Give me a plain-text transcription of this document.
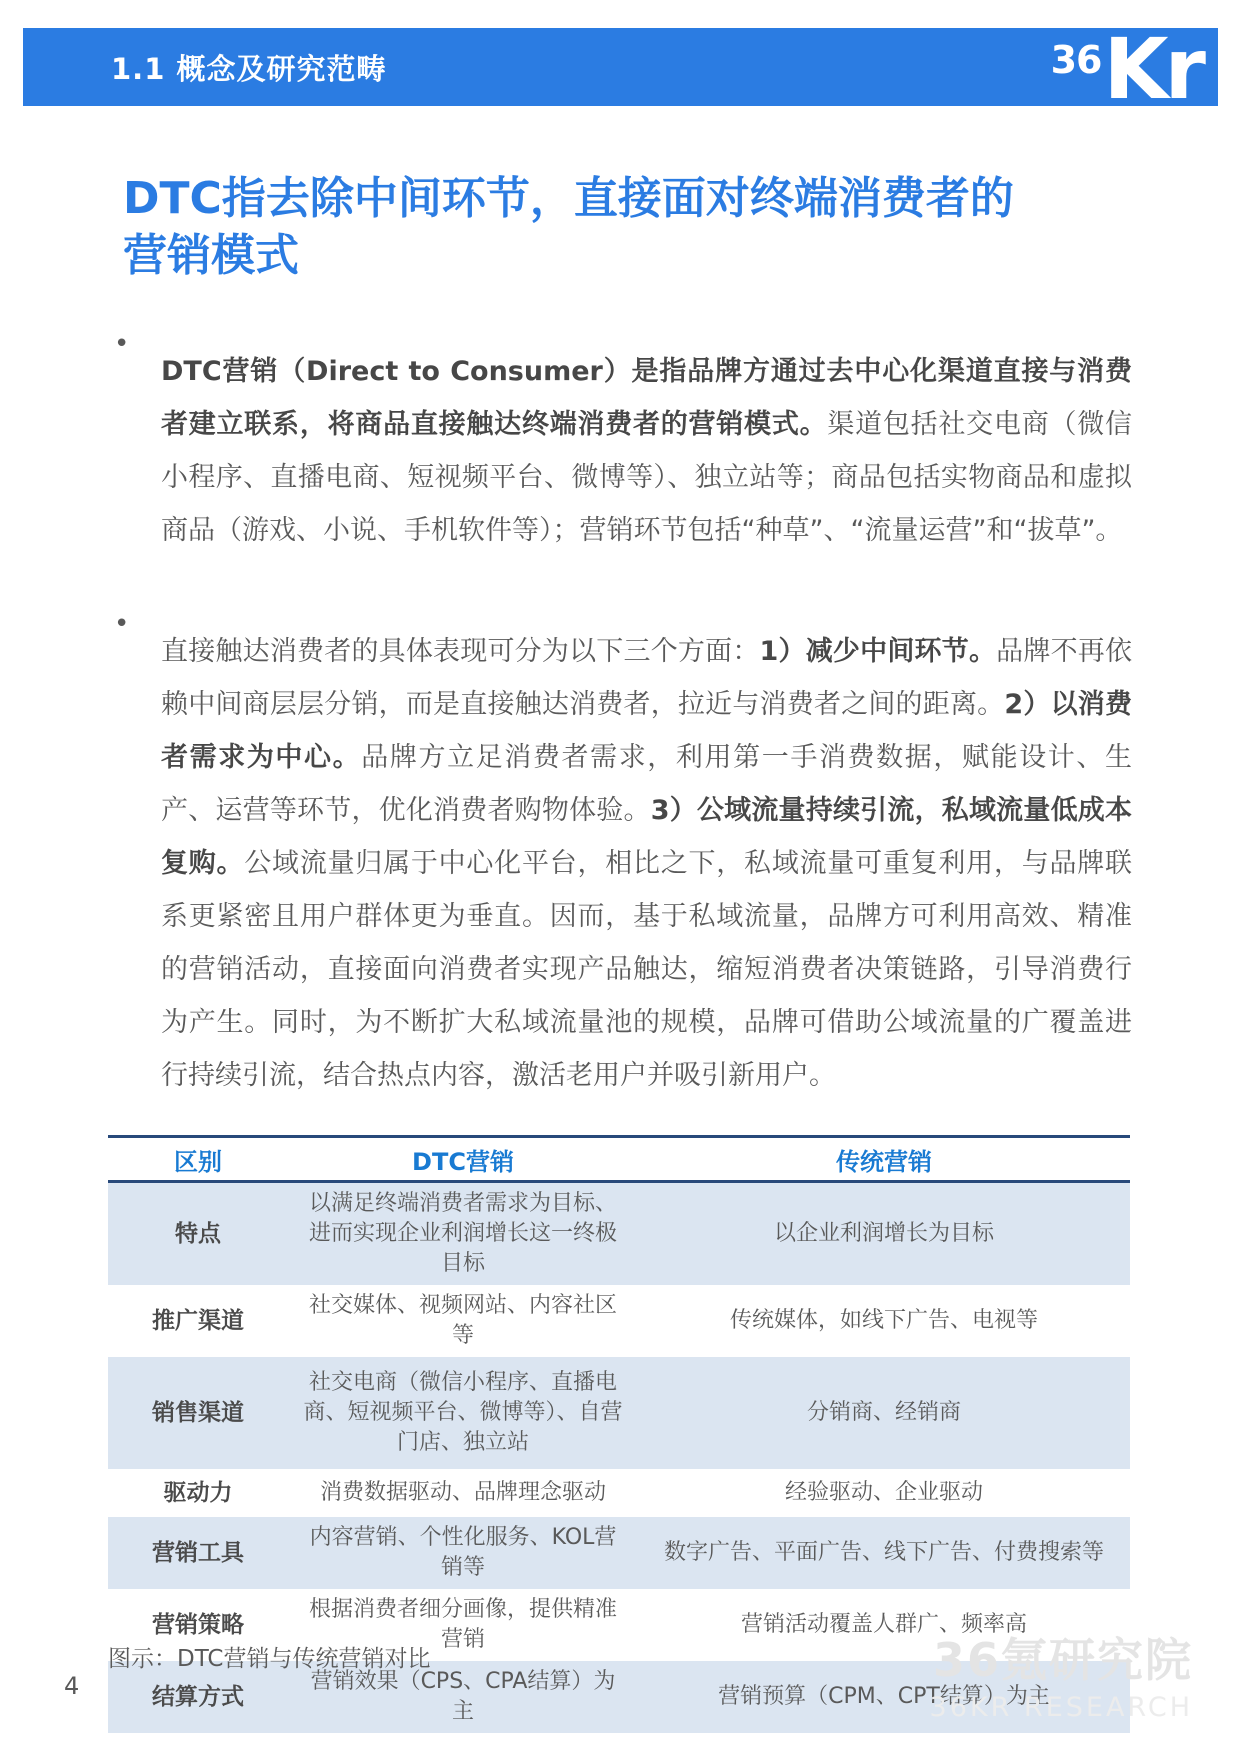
1.1 概念及研究范畴	36 Kr
DTC指去除中间环节，直接面对终端消费者的
营销模式
•

DTC营销（Direct to Consumer）是指品牌方通过去中心化渠道直接与消费者建立联系，将商品直接触达终端消费者的营销模式。渠道包括社交电商（微信小程序、直播电商、短视频平台、微博等）、独立站等；商品包括实物商品和虚拟商品（游戏、小说、手机软件等）；营销环节包括“种草”、“流量运营”和“拔草”。

•

直接触达消费者的具体表现可分为以下三个方面：1）减少中间环节。品牌不再依赖中间商层层分销，而是直接触达消费者，拉近与消费者之间的距离。2）以消费者需求为中心。品牌方立足消费者需求，利用第一手消费数据，赋能设计、生产、运营等环节，优化消费者购物体验。3）公域流量持续引流，私域流量低成本复购。公域流量归属于中心化平台，相比之下，私域流量可重复利用，与品牌联系更紧密且用户群体更为垂直。因而，基于私域流量，品牌方可利用高效、精准的营销活动，直接面向消费者实现产品触达，缩短消费者决策链路，引导消费行为产生。同时，为不断扩大私域流量池的规模，品牌可借助公域流量的广覆盖进行持续引流，结合热点内容，激活老用户并吸引新用户。

区别	DTC营销	传统营销
特点	以满足终端消费者需求为目标、进而实现企业利润增长这一终极目标	以企业利润增长为目标
推广渠道	社交媒体、视频网站、内容社区等	传统媒体，如线下广告、电视等
销售渠道	社交电商（微信小程序、直播电商、短视频平台、微博等）、自营门店、独立站	分销商、经销商
驱动力	消费数据驱动、品牌理念驱动	经验驱动、企业驱动
营销工具	内容营销、个性化服务、KOL营销等	数字广告、平面广告、线下广告、付费搜索等
营销策略	根据消费者细分画像，提供精准营销	营销活动覆盖人群广、频率高
结算方式	营销效果（CPS、CPA结算）为主	营销预算（CPM、CPT结算）为主
图示：DTC营销与传统营销对比
4	36氪研究院
36KR RESEARCH
